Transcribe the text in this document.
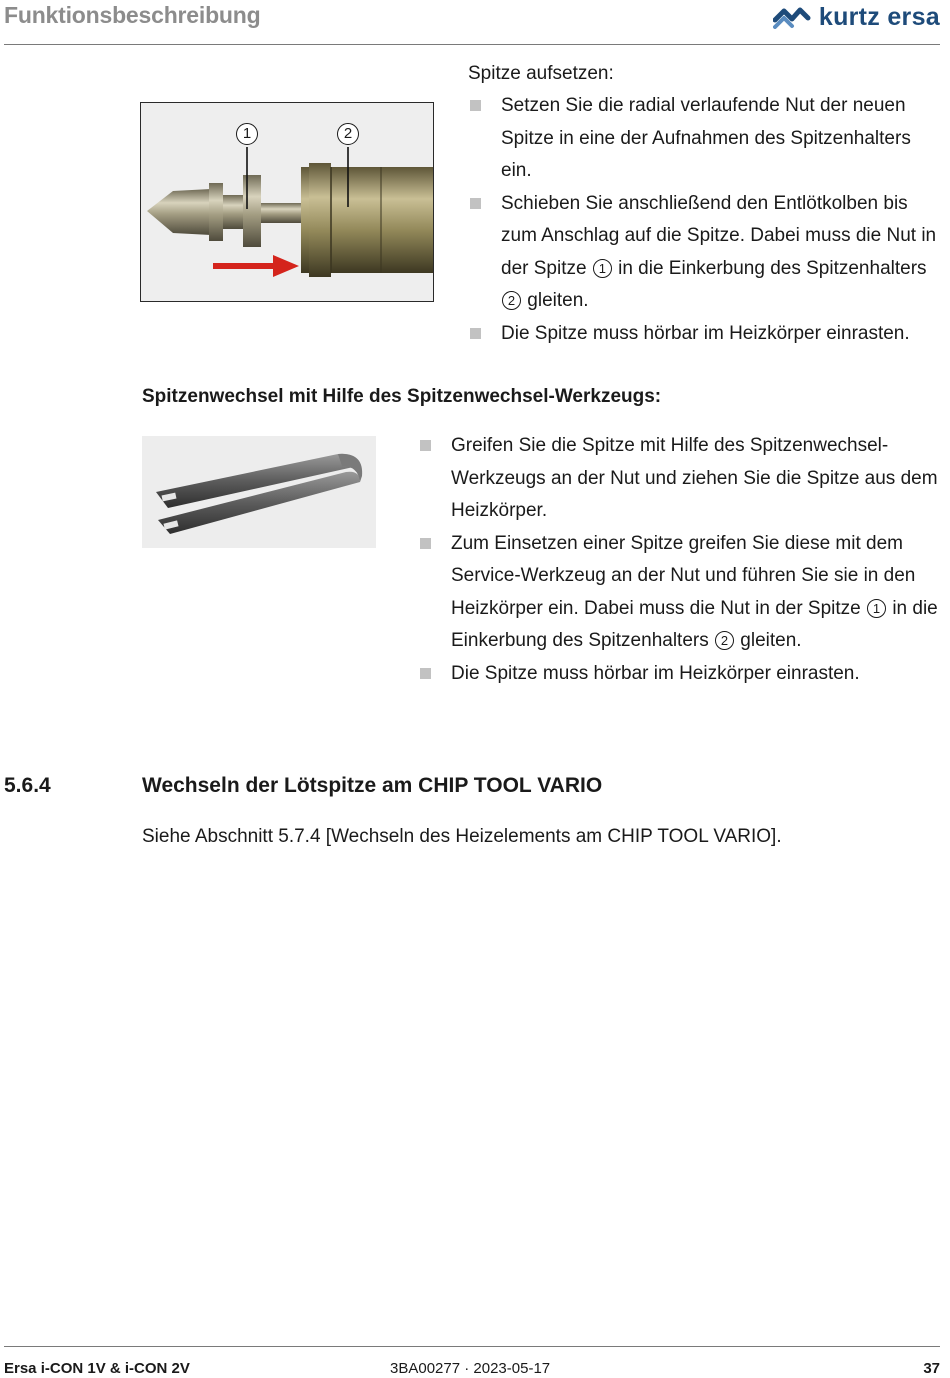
Funktionsbeschreibung	kurtz ersa
1	2
Spitze aufsetzen:
Setzen Sie die radial verlaufende Nut der neuen Spitze in eine der Aufnahmen des Spitzenhalters ein.
Schieben Sie anschließend den Entlötkolben bis zum Anschlag auf die Spitze. Dabei muss die Nut in der Spitze 1 in die Einkerbung des Spitzenhalters 2 gleiten.
Die Spitze muss hörbar im Heizkörper einrasten.
Spitzenwechsel mit Hilfe des Spitzenwechsel-Werkzeugs:
Greifen Sie die Spitze mit Hilfe des Spitzenwechsel-Werkzeugs an der Nut und ziehen Sie die Spitze aus dem Heizkörper.
Zum Einsetzen einer Spitze greifen Sie diese mit dem Service-Werkzeug an der Nut und führen Sie sie in den Heizkörper ein. Dabei muss die Nut in der Spitze 1 in die Einkerbung des Spitzenhalters 2 gleiten.
Die Spitze muss hörbar im Heizkörper einrasten.
5.6.4	Wechseln der Lötspitze am CHIP TOOL VARIO
Siehe Abschnitt 5.7.4 [Wechseln des Heizelements am CHIP TOOL VARIO].
Ersa i-CON 1V & i-CON 2V	3BA00277 · 2023-05-17	37
